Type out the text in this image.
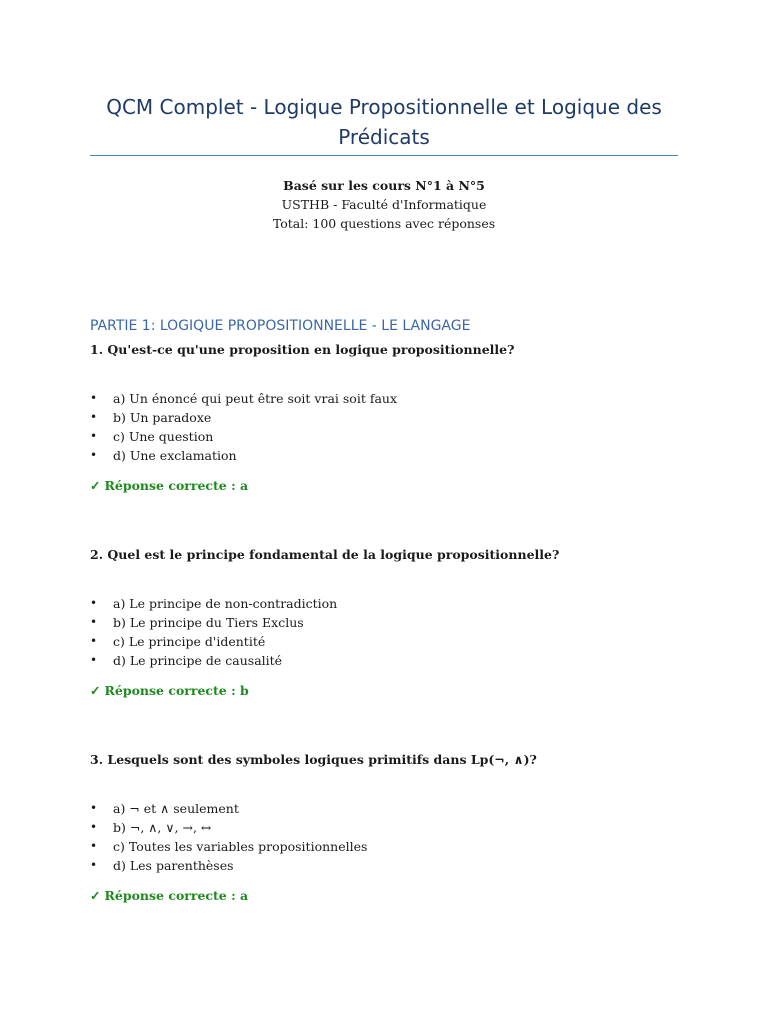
QCM Complet - Logique Propositionnelle et Logique des Prédicats
Basé sur les cours N°1 à N°5
USTHB - Faculté d'Informatique
Total: 100 questions avec réponses
PARTIE 1: LOGIQUE PROPOSITIONNELLE - LE LANGAGE

1. Qu'est-ce qu'une proposition en logique propositionnelle?

• a) Un énoncé qui peut être soit vrai soit faux
• b) Un paradoxe
• c) Une question
• d) Une exclamation
✓ Réponse correcte : a

2. Quel est le principe fondamental de la logique propositionnelle?

• a) Le principe de non-contradiction
• b) Le principe du Tiers Exclus
• c) Le principe d'identité
• d) Le principe de causalité
✓ Réponse correcte : b

3. Lesquels sont des symboles logiques primitifs dans Lp(¬, ∧)?

• a) ¬ et ∧ seulement
• b) ¬, ∧, ∨, →, ↔
• c) Toutes les variables propositionnelles
• d) Les parenthèses
✓ Réponse correcte : a
